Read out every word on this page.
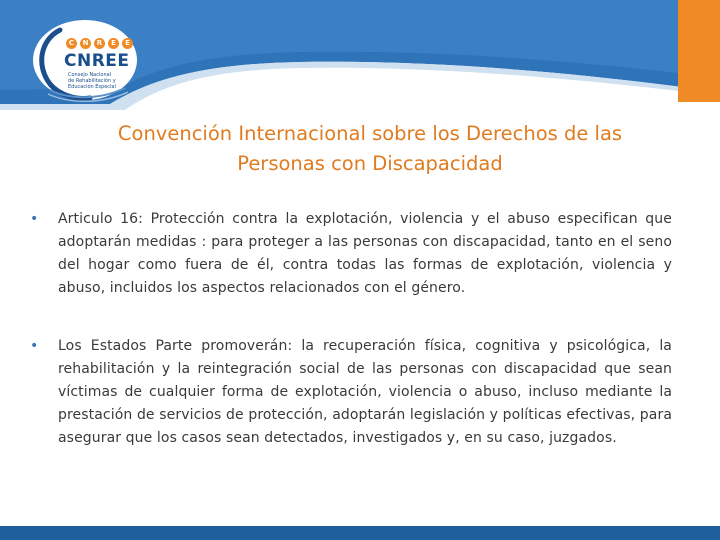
C	N	R	E	E
CNREE
Consejo Nacional
de Rehabilitación y
Educación Especial
Convención Internacional sobre los Derechos de las
Personas con Discapacidad
• Articulo 16: Protección contra la explotación, violencia y el abuso especifican que adoptarán medidas : para proteger a las personas con discapacidad, tanto en el seno del hogar como fuera de él, contra todas las formas de explotación, violencia y abuso, incluidos los aspectos relacionados con el género.
• Los Estados Parte promoverán: la recuperación física, cognitiva y psicológica, la rehabilitación y la reintegración social de las personas con discapacidad que sean víctimas de cualquier forma de explotación, violencia o abuso, incluso mediante la prestación de servicios de protección, adoptarán legislación y políticas efectivas, para asegurar que los casos sean detectados, investigados y, en su caso, juzgados.
